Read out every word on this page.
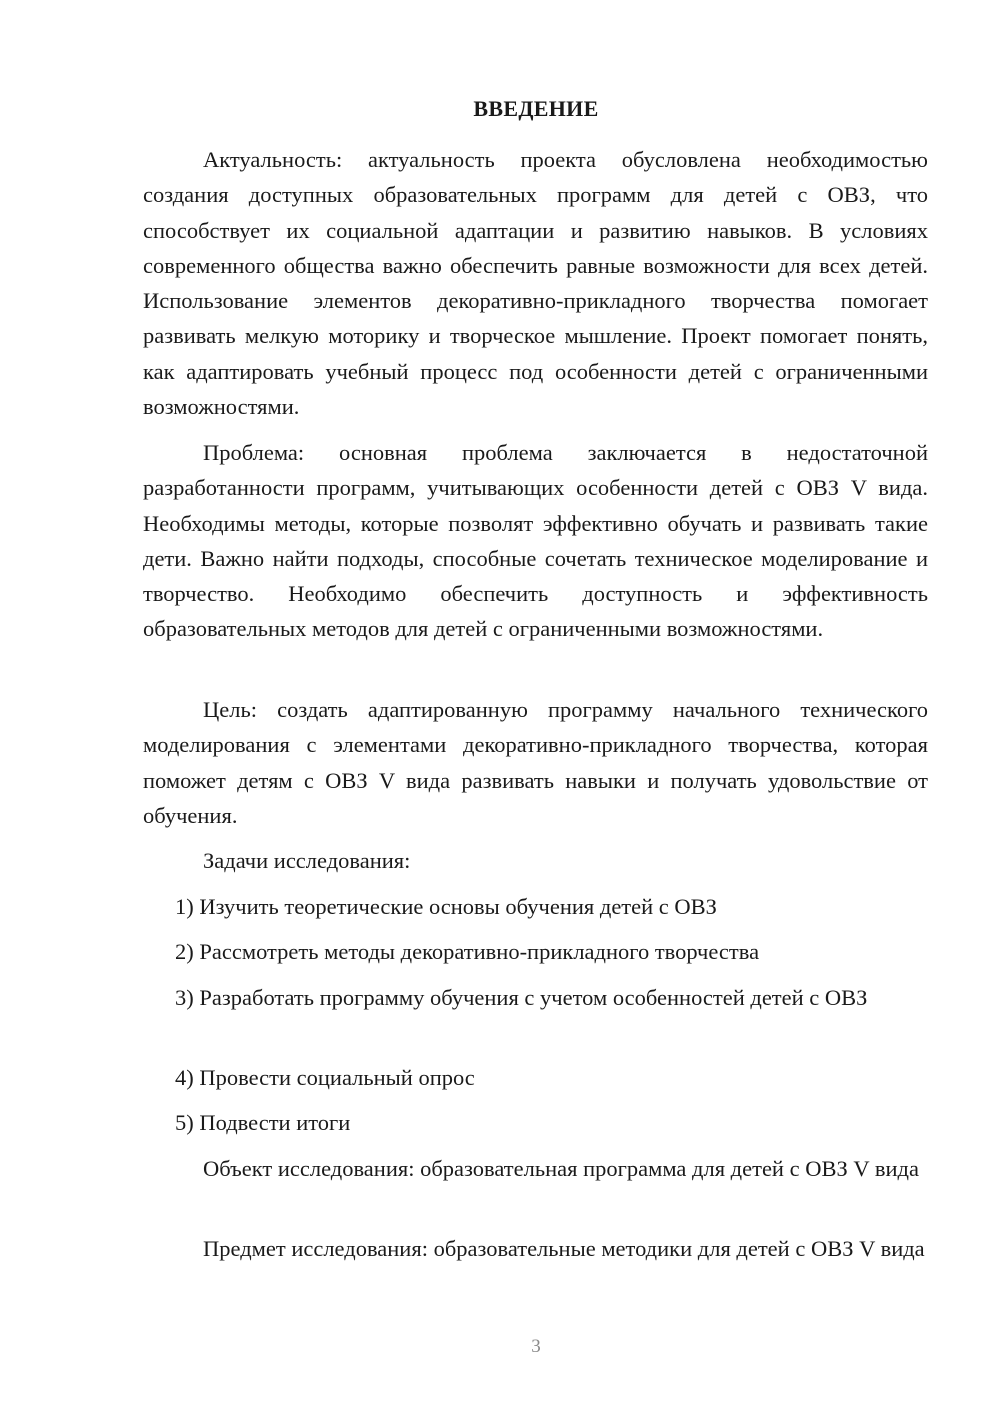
ВВЕДЕНИЕ

Актуальность: актуальность проекта обусловлена необходимостью создания доступных образовательных программ для детей с ОВЗ, что способствует их социальной адаптации и развитию навыков. В условиях современного общества важно обеспечить равные возможности для всех детей. Использование элементов декоративно-прикладного творчества помогает развивать мелкую моторику и творческое мышление. Проект помогает понять, как адаптировать учебный процесс под особенности детей с ограниченными возможностями.

Проблема: основная проблема заключается в недостаточной разработанности программ, учитывающих особенности детей с ОВЗ V вида. Необходимы методы, которые позволят эффективно обучать и развивать такие дети. Важно найти подходы, способные сочетать техническое моделирование и творчество. Необходимо обеспечить доступность и эффективность образовательных методов для детей с ограниченными возможностями.

Цель: создать адаптированную программу начального технического моделирования с элементами декоративно-прикладного творчества, которая поможет детям с ОВЗ V вида развивать навыки и получать удовольствие от обучения.

Задачи исследования:

1) Изучить теоретические основы обучения детей с ОВЗ

2) Рассмотреть методы декоративно-прикладного творчества

3) Разработать программу обучения с учетом особенностей детей с ОВЗ

4) Провести социальный опрос

5) Подвести итоги

Объект исследования: образовательная программа для детей с ОВЗ V вида

Предмет исследования: образовательные методики для детей с ОВЗ V вида

3
